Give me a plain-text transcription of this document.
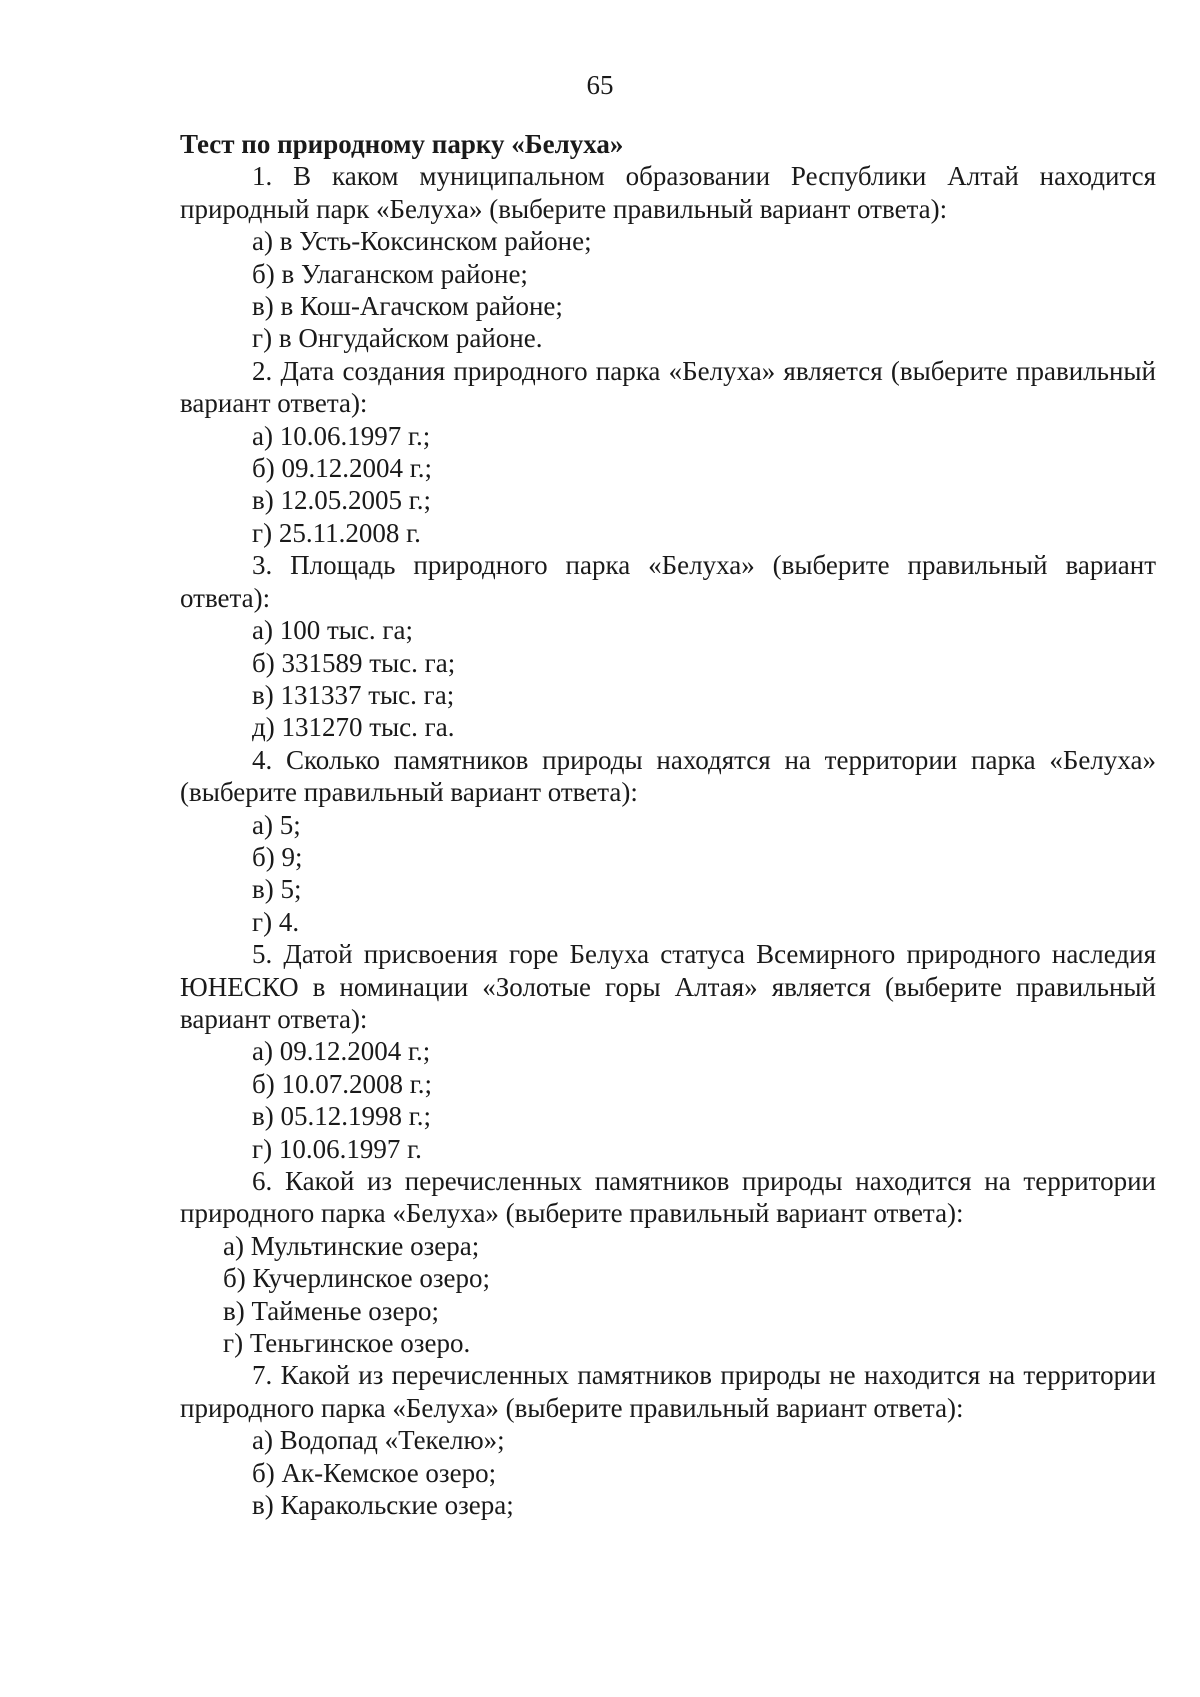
65

Тест по природному парку «Белуха»

1. В каком муниципальном образовании Республики Алтай находится природный парк «Белуха» (выберите правильный вариант ответа):

а) в Усть-Коксинском районе;

б) в Улаганском районе;

в) в Кош-Агачском районе;

г) в Онгудайском районе.

2. Дата создания природного парка «Белуха» является (выберите правильный вариант ответа):

а) 10.06.1997 г.;

б) 09.12.2004 г.;

в) 12.05.2005 г.;

г) 25.11.2008 г.

3. Площадь природного парка «Белуха» (выберите правильный вариант ответа):

а) 100 тыс. га;

б) 331589 тыс. га;

в) 131337 тыс. га;

д) 131270 тыс. га.

4. Сколько памятников природы находятся на территории парка «Белуха» (выберите правильный вариант ответа):

а) 5;

б) 9;

в) 5;

г) 4.

5. Датой присвоения горе Белуха статуса Всемирного природного наследия ЮНЕСКО в номинации «Золотые горы Алтая» является (выберите правильный вариант ответа):

а) 09.12.2004 г.;

б) 10.07.2008 г.;

в) 05.12.1998 г.;

г) 10.06.1997 г.

6. Какой из перечисленных памятников природы находится на территории природного парка «Белуха» (выберите правильный вариант ответа):

а) Мультинские озера;

б) Кучерлинское озеро;

в) Тайменье озеро;

г) Теньгинское озеро.

7. Какой из перечисленных памятников природы не находится на территории природного парка «Белуха» (выберите правильный вариант ответа):

а) Водопад «Текелю»;

б) Ак-Кемское озеро;

в) Каракольские озера;
